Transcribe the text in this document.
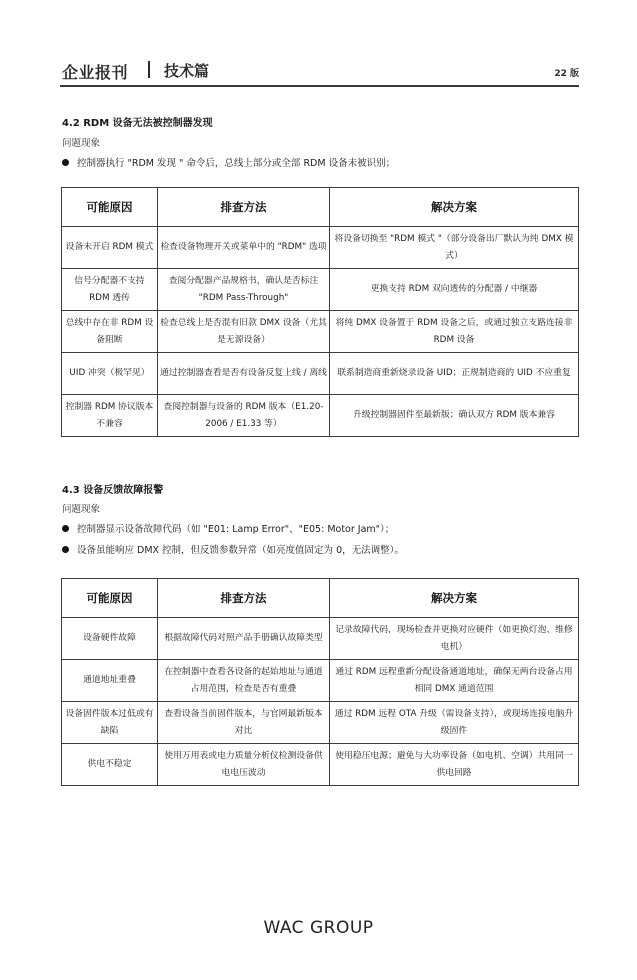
企业报刊 技术篇	22 版
4.2 RDM 设备无法被控制器发现
问题现象
控制器执行 "RDM 发现 " 命令后，总线上部分或全部 RDM 设备未被识别；
可能原因	排查方法	解决方案
设备未开启 RDM 模式	检查设备物理开关或菜单中的 "RDM" 选项	将设备切换至 "RDM 模式 "（部分设备出厂默认为纯 DMX 模式）
信号分配器不支持 RDM 透传	查阅分配器产品规格书，确认是否标注 "RDM Pass-Through"	更换支持 RDM 双向透传的分配器 / 中继器
总线中存在非 RDM 设备阻断	检查总线上是否混有旧款 DMX 设备（尤其是无源设备）	将纯 DMX 设备置于 RDM 设备之后，或通过独立支路连接非 RDM 设备
UID 冲突（极罕见）	通过控制器查看是否有设备反复上线 / 离线	联系制造商重新烧录设备 UID；正规制造商的 UID 不应重复
控制器 RDM 协议版本不兼容	查阅控制器与设备的 RDM 版本（E1.20-2006 / E1.33 等）	升级控制器固件至最新版；确认双方 RDM 版本兼容
4.3 设备反馈故障报警
问题现象
控制器显示设备故障代码（如 "E01: Lamp Error"、"E05: Motor Jam"）；
设备虽能响应 DMX 控制，但反馈参数异常（如亮度值固定为 0，无法调整）。
可能原因	排查方法	解决方案
设备硬件故障	根据故障代码对照产品手册确认故障类型	记录故障代码，现场检查并更换对应硬件（如更换灯泡、维修电机）
通道地址重叠	在控制器中查看各设备的起始地址与通道占用范围，检查是否有重叠	通过 RDM 远程重新分配设备通道地址，确保无两台设备占用相同 DMX 通道范围
设备固件版本过低或有缺陷	查看设备当前固件版本，与官网最新版本对比	通过 RDM 远程 OTA 升级（需设备支持），或现场连接电脑升级固件
供电不稳定	使用万用表或电力质量分析仪检测设备供电电压波动	使用稳压电源；避免与大功率设备（如电机、空调）共用同一供电回路
WAC GROUP
